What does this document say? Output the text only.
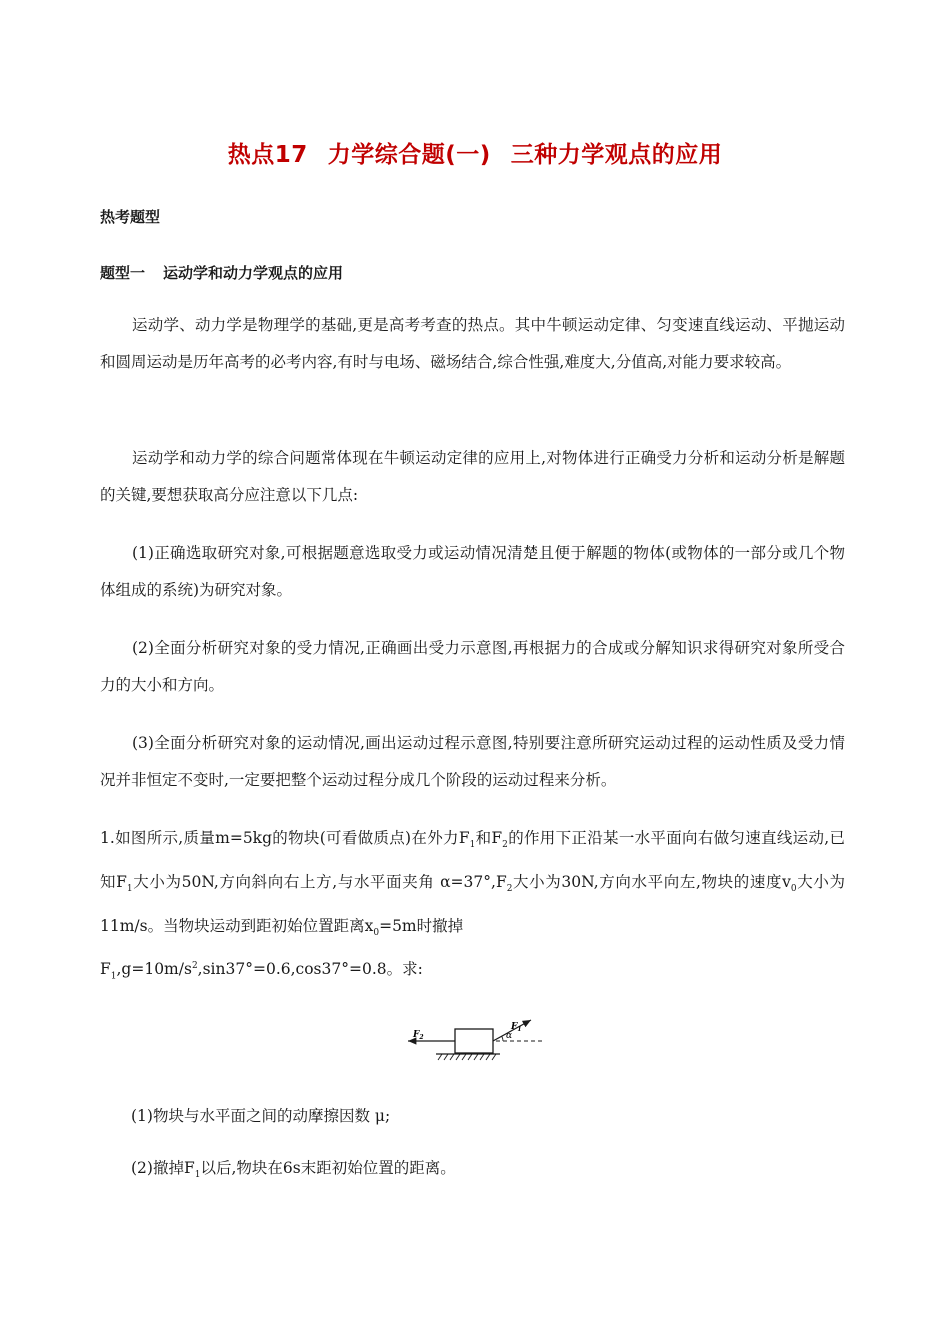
热点17 力学综合题(一) 三种力学观点的应用
热考题型
题型一 运动学和动力学观点的应用
运动学、动力学是物理学的基础,更是高考考查的热点。其中牛顿运动定律、匀变速直线运动、平抛运动和圆周运动是历年高考的必考内容,有时与电场、磁场结合,综合性强,难度大,分值高,对能力要求较高。
运动学和动力学的综合问题常体现在牛顿运动定律的应用上,对物体进行正确受力分析和运动分析是解题的关键,要想获取高分应注意以下几点:
(1)正确选取研究对象,可根据题意选取受力或运动情况清楚且便于解题的物体(或物体的一部分或几个物体组成的系统)为研究对象。
(2)全面分析研究对象的受力情况,正确画出受力示意图,再根据力的合成或分解知识求得研究对象所受合力的大小和方向。
(3)全面分析研究对象的运动情况,画出运动过程示意图,特别要注意所研究运动过程的运动性质及受力情况并非恒定不变时,一定要把整个运动过程分成几个阶段的运动过程来分析。
1.如图所示,质量m=5kg的物块(可看做质点)在外力$F_1$和$F_2$的作用下正沿某一水平面向右做匀速直线运动,已知$F_1$大小为50N,方向斜向右上方,与水平面夹角 $\alpha=37^\circ,F_2$大小为30N,方向水平向左,物块的速度$v_0$大小为11m/s。当物块运动到距初始位置距离$x_0=5m$时撤掉
$F_1,g=10m/s^2,\sin 37^\circ=0.6,\cos 37^\circ=0.8$。求:
$F_2$
$F_1$
α
(1)物块与水平面之间的动摩擦因数 μ;
(2)撤掉$F_1$以后,物块在6s末距初始位置的距离。
